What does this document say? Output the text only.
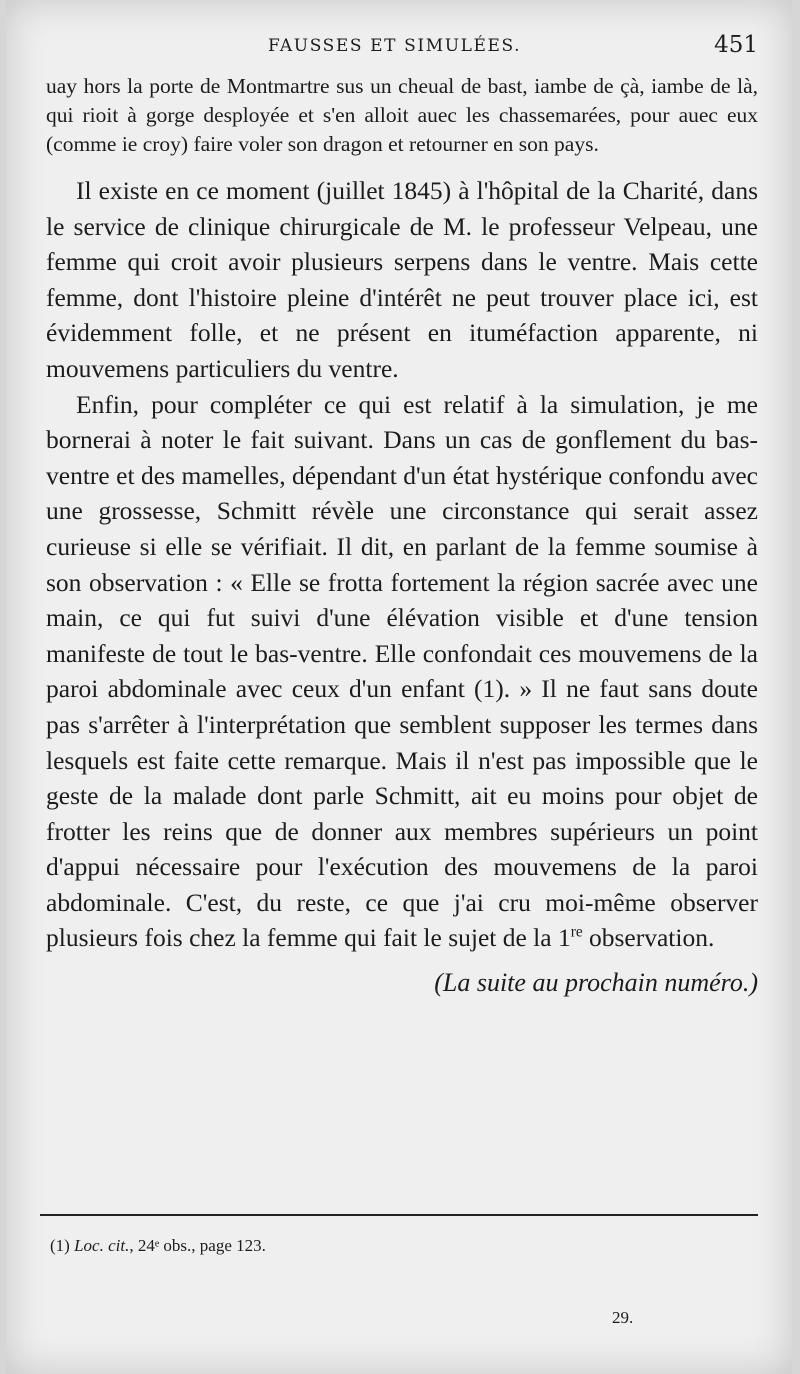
FAUSSES ET SIMULÉES.	451

uay hors la porte de Montmartre sus un cheual de bast, iambe de çà, iambe de là, qui rioit à gorge desployée et s'en alloit auec les chassemarées, pour auec eux (comme ie croy) faire voler son dragon et retourner en son pays.

Il existe en ce moment (juillet 1845) à l'hôpital de la Charité, dans le service de clinique chirurgicale de M. le professeur Velpeau, une femme qui croit avoir plusieurs serpens dans le ventre. Mais cette femme, dont l'histoire pleine d'intérêt ne peut trouver place ici, est évidemment folle, et ne présent en ituméfaction apparente, ni mouvemens particuliers du ventre.

Enfin, pour compléter ce qui est relatif à la simulation, je me bornerai à noter le fait suivant. Dans un cas de gonflement du bas-ventre et des mamelles, dépendant d'un état hystérique confondu avec une grossesse, Schmitt révèle une circonstance qui serait assez curieuse si elle se vérifiait. Il dit, en parlant de la femme soumise à son observation : « Elle se frotta fortement la région sacrée avec une main, ce qui fut suivi d'une élévation visible et d'une tension manifeste de tout le bas-ventre. Elle confondait ces mouvemens de la paroi abdominale avec ceux d'un enfant (1). » Il ne faut sans doute pas s'arrêter à l'interprétation que semblent supposer les termes dans lesquels est faite cette remarque. Mais il n'est pas impossible que le geste de la malade dont parle Schmitt, ait eu moins pour objet de frotter les reins que de donner aux membres supérieurs un point d'appui nécessaire pour l'exécution des mouvemens de la paroi abdominale. C'est, du reste, ce que j'ai cru moi-même observer plusieurs fois chez la femme qui fait le sujet de la 1re observation.

(La suite au prochain numéro.)

(1) Loc. cit., 24ᵉ obs., page 123.
29.
